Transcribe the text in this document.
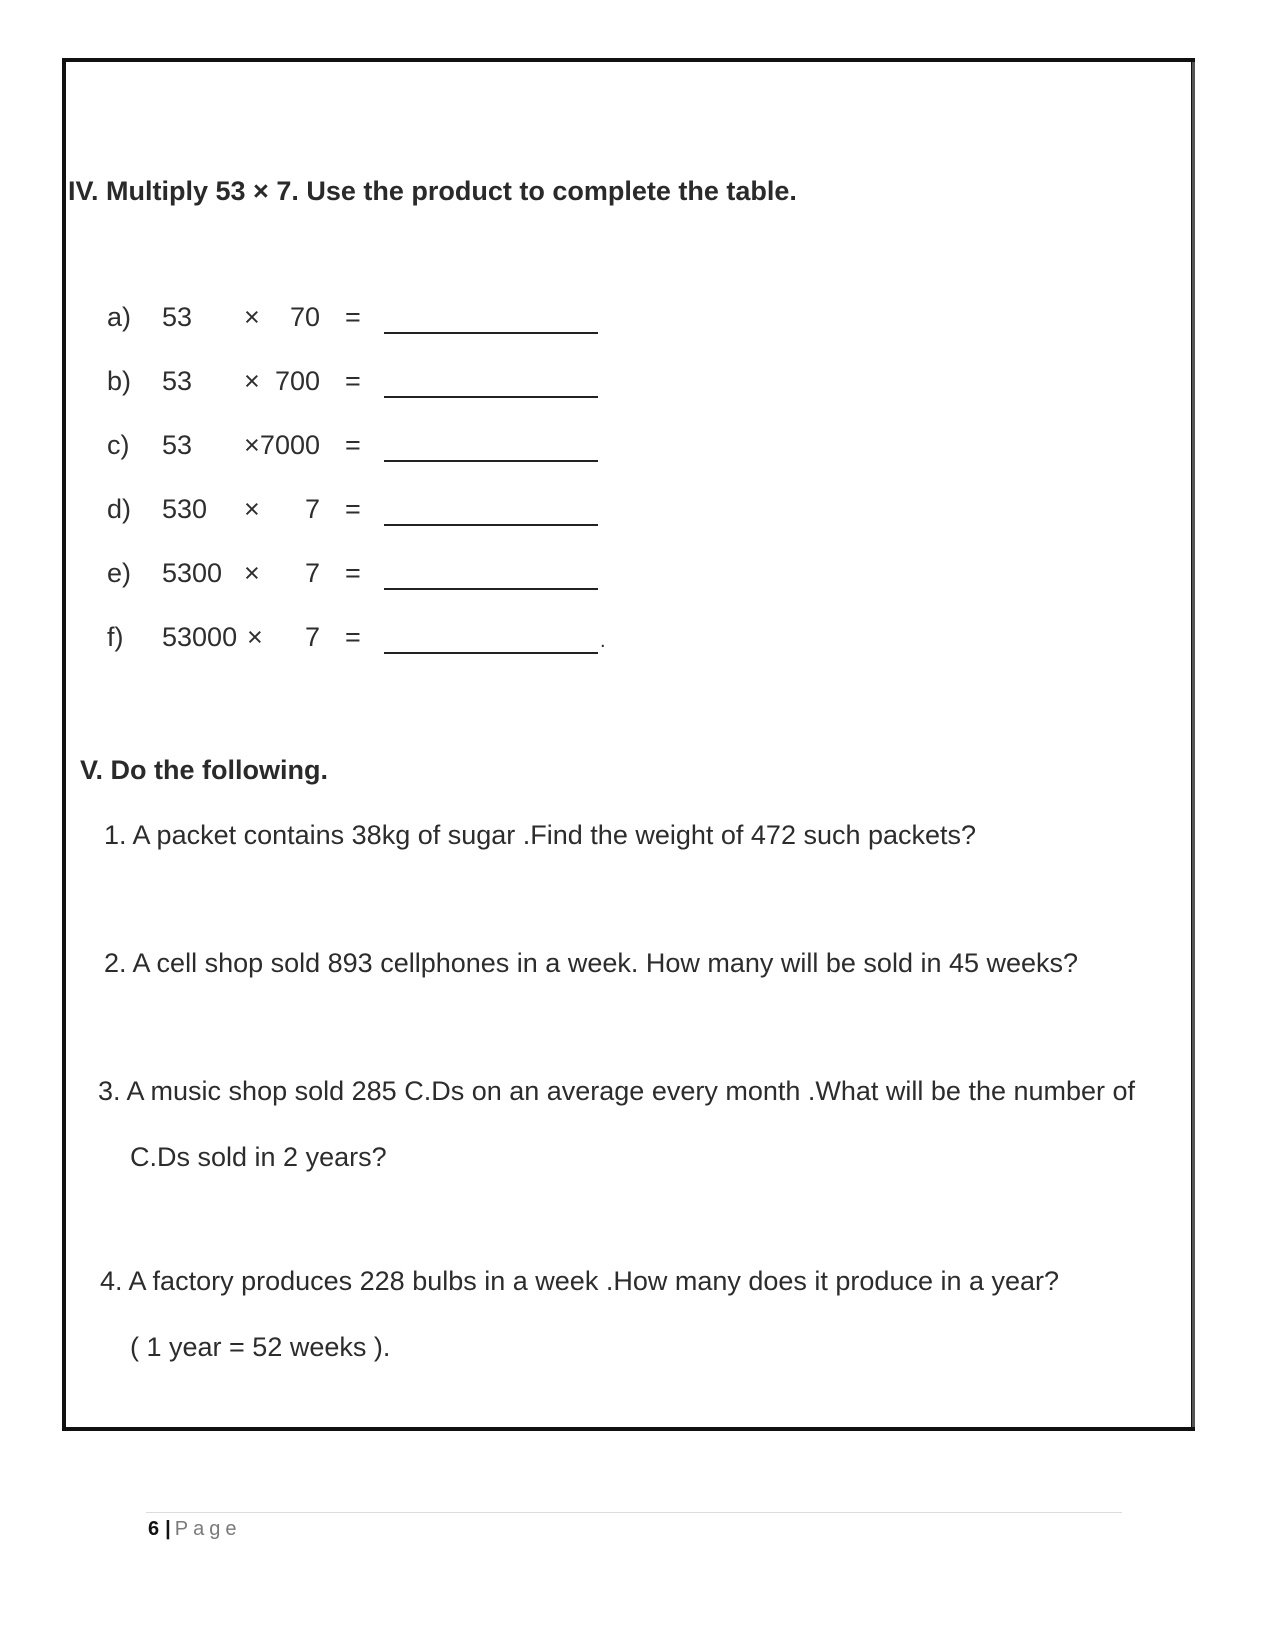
IV. Multiply 53 × 7. Use the product to complete the table.
a) 53 ×	70 =
b) 53 × 700 =
c) 53 × 7000 =
d) 530 ×	7 =
e) 5300 ×	7 =
f) 53000 ×	7 =	.
V. Do the following.
1. A packet contains 38kg of sugar .Find the weight of 472 such packets?
2. A cell shop sold 893 cellphones in a week. How many will be sold in 45 weeks?
3. A music shop sold 285 C.Ds on an average every month .What will be the number of
C.Ds sold in 2 years?
4. A factory produces 228 bulbs in a week .How many does it produce in a year?
( 1 year = 52 weeks ).
6 | Page
